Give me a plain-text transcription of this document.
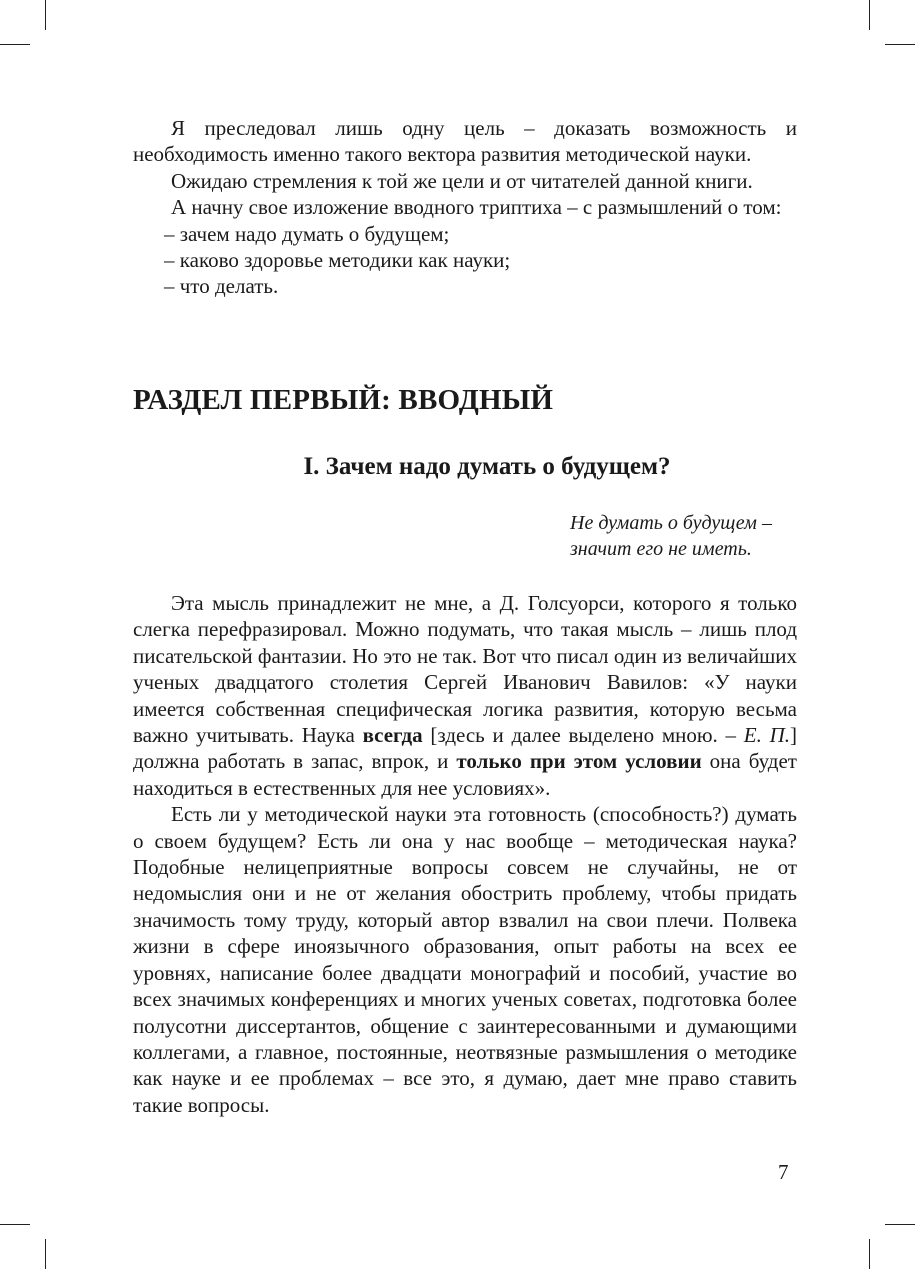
Я преследовал лишь одну цель – доказать возможность и необходимость именно такого вектора развития методической науки.

Ожидаю стремления к той же цели и от читателей данной книги.

А начну свое изложение вводного триптиха – с размышлений о том:

– зачем надо думать о будущем;

– каково здоровье методики как науки;

– что делать.

РАЗДЕЛ ПЕРВЫЙ: ВВОДНЫЙ
I. Зачем надо думать о будущем?
Не думать о будущем –
значит его не иметь.

Эта мысль принадлежит не мне, а Д. Голсуорси, которого я только слегка перефразировал. Можно подумать, что такая мысль – лишь плод писательской фантазии. Но это не так. Вот что писал один из величайших ученых двадцатого столетия Сергей Иванович Вавилов: «У науки имеется собственная специфическая логика развития, которую весьма важно учитывать. Наука всегда [здесь и далее выделено мною. – Е. П.] должна работать в запас, впрок, и только при этом условии она будет находиться в естественных для нее условиях».

Есть ли у методической науки эта готовность (способность?) думать о своем будущем? Есть ли она у нас вообще – методическая наука? Подобные нелицеприятные вопросы совсем не случайны, не от недомыслия они и не от желания обострить проблему, чтобы придать значимость тому труду, который автор взвалил на свои плечи. Полвека жизни в сфере иноязычного образования, опыт работы на всех ее уровнях, написание более двадцати монографий и пособий, участие во всех значимых конференциях и многих ученых советах, подготовка более полусотни диссертантов, общение с заинтересованными и думающими коллегами, а главное, постоянные, неотвязные размышления о методике как науке и ее проблемах – все это, я думаю, дает мне право ставить такие вопросы.

7
